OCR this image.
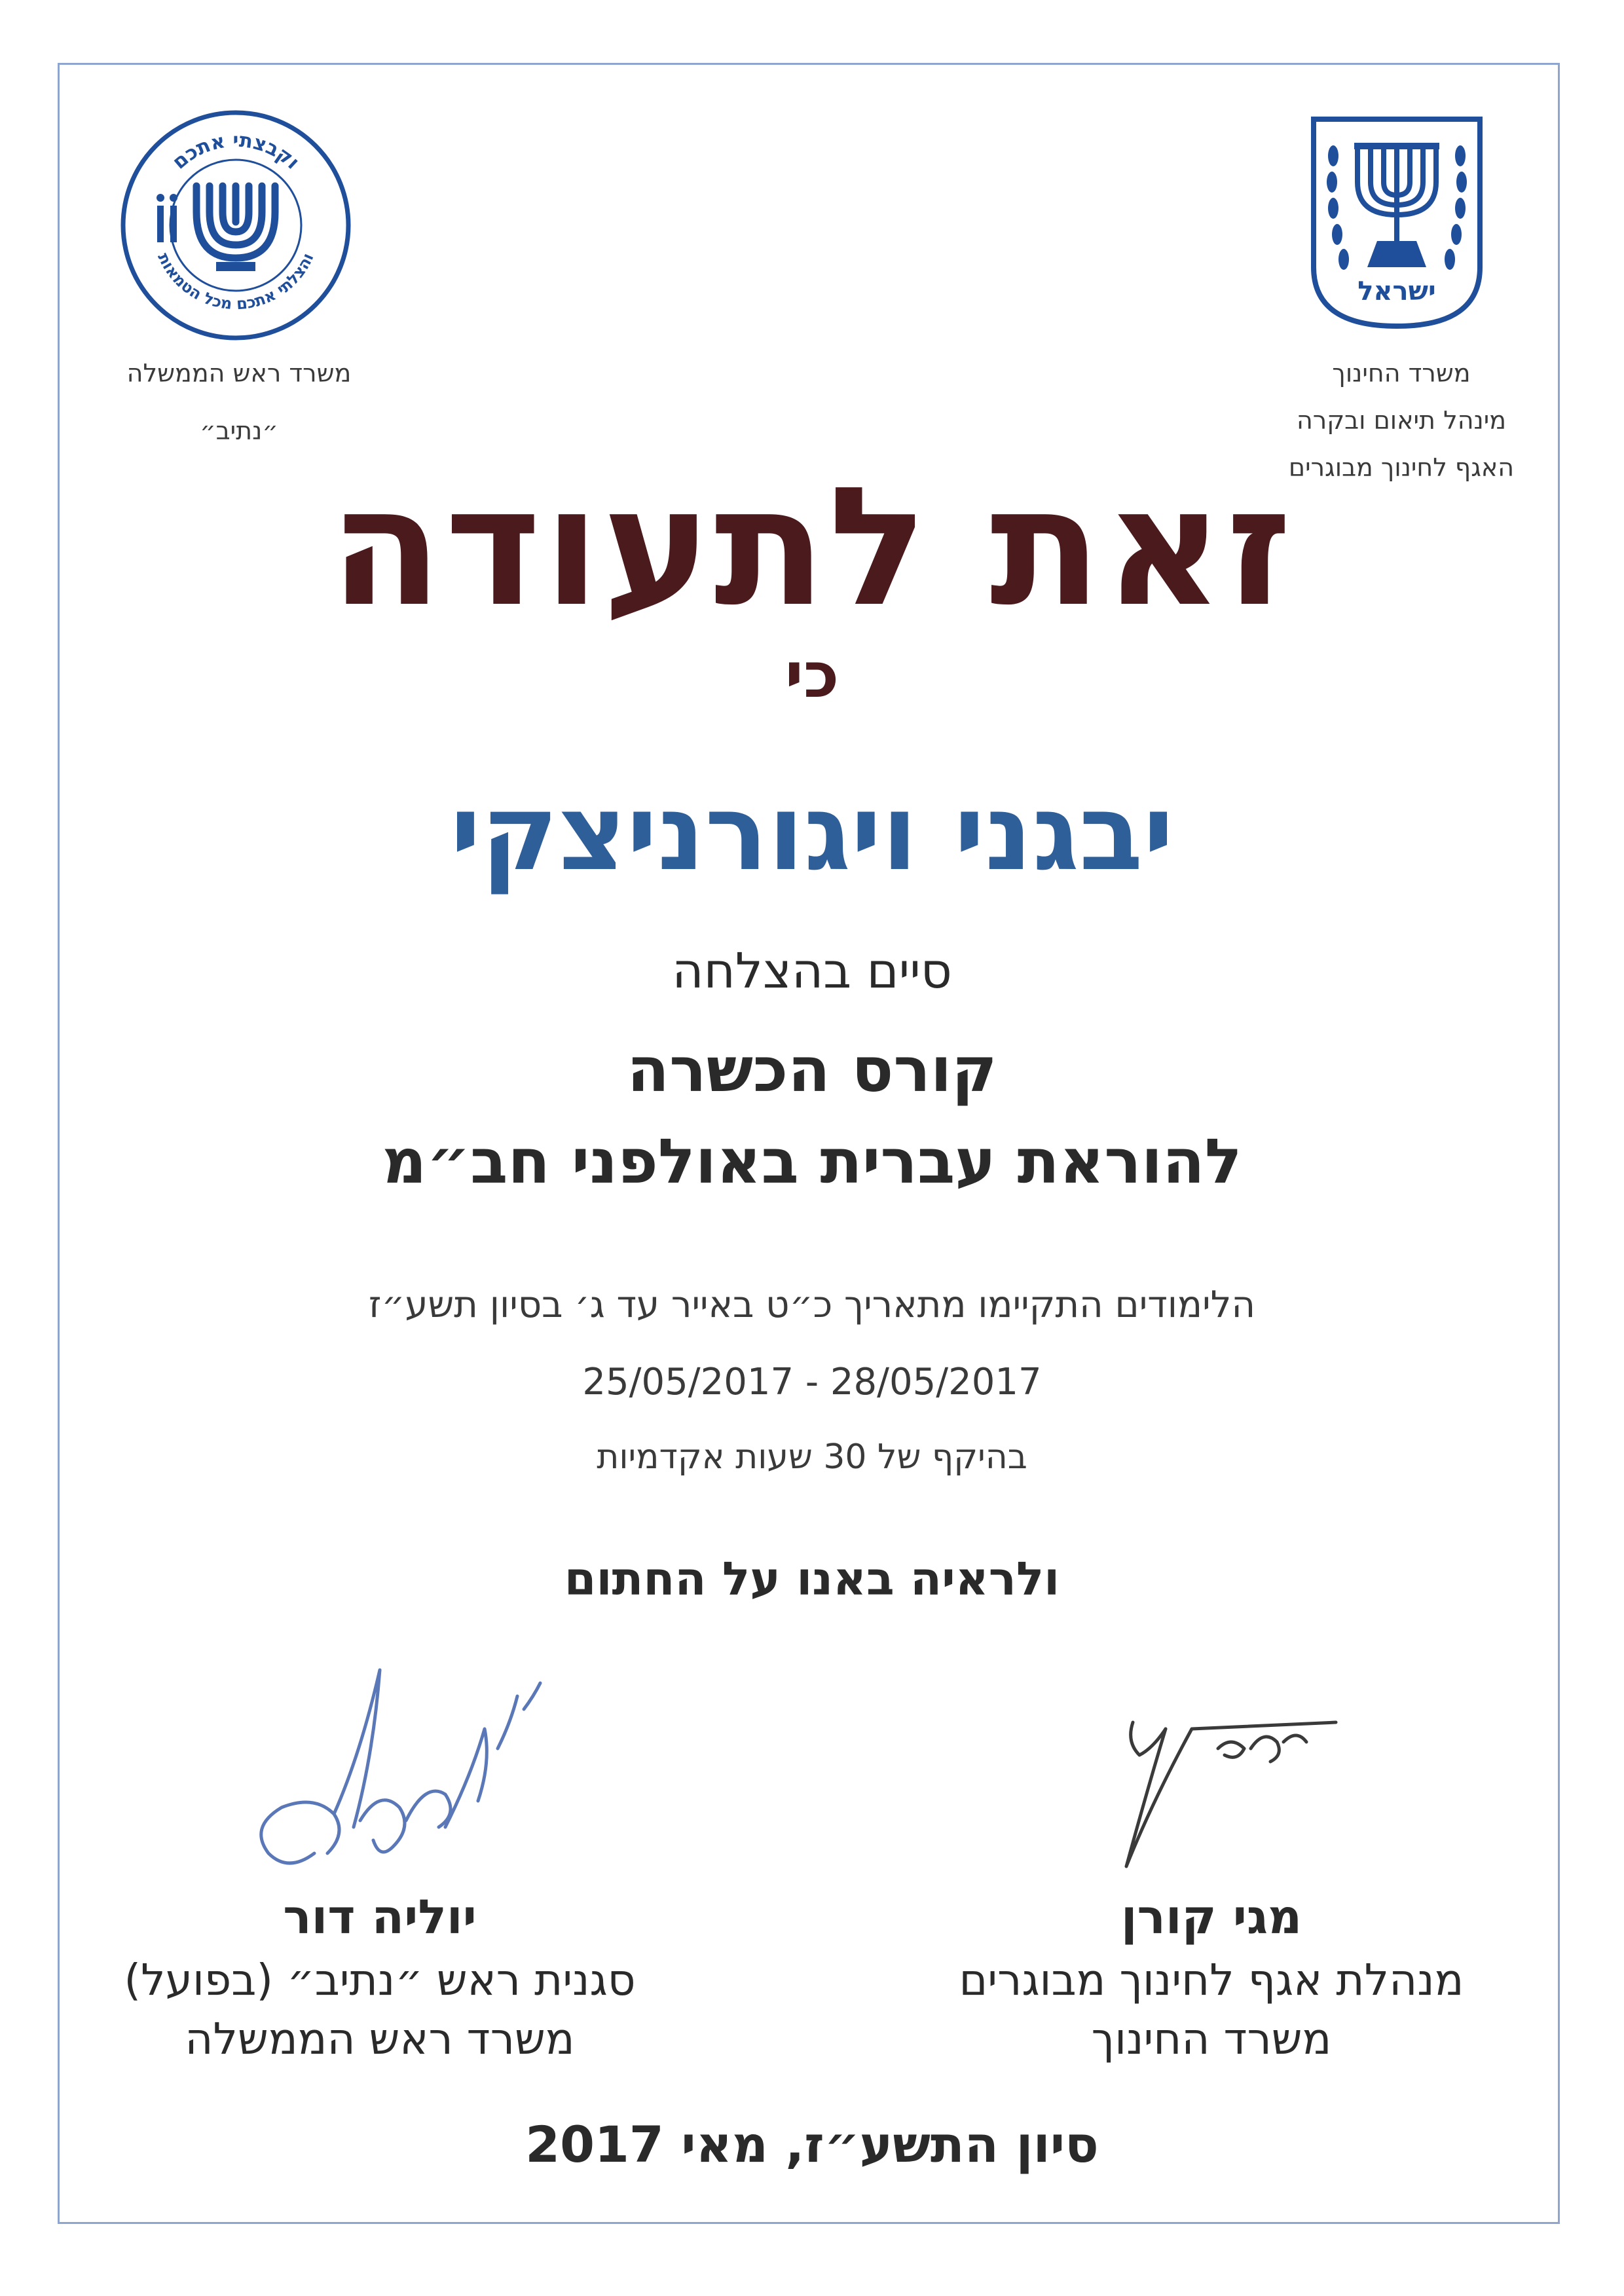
וקבצתי אתכם
והצלתי אתכם מכל הטמאות
משרד ראש הממשלה
״נתיב״
ישראל
משרד החינוך
מינהל תיאום ובקרה
האגף לחינוך מבוגרים
זאת לתעודה
כי
יבגני ויגורניצקי
סיים בהצלחה
קורס הכשרה
להוראת עברית באולפני חב״מ
הלימודים התקיימו מתאריך כ״ט באייר עד ג׳ בסיון תשע״ז
25/05/2017 - 28/05/2017
בהיקף של 30 שעות אקדמיות
ולראיה באנו על החתום
יוליה דור
סגנית ראש ״נתיב״ (בפועל)
משרד ראש הממשלה
מגי קורן
מנהלת אגף לחינוך מבוגרים
משרד החינוך
סיון התשע״ז, מאי 2017
